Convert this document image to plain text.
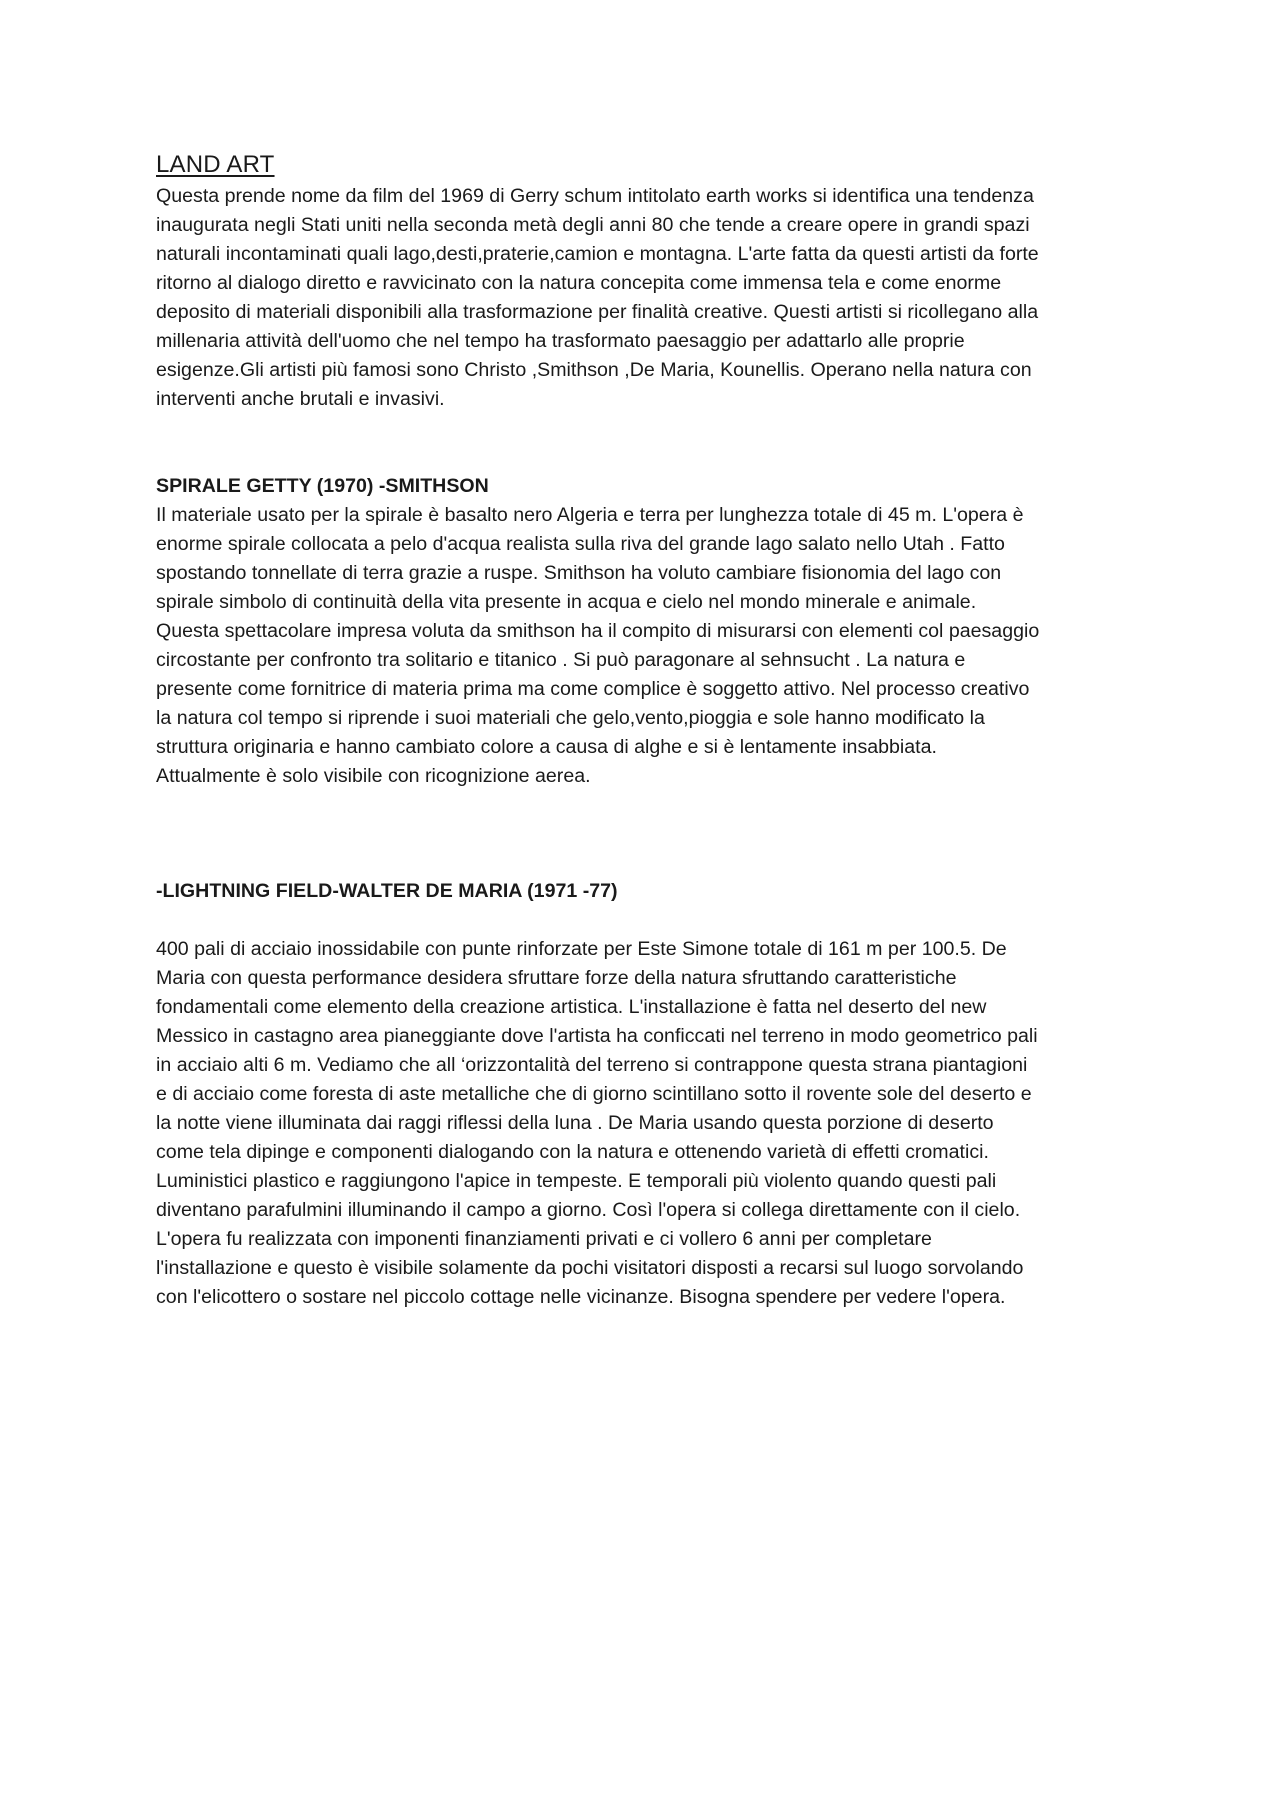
LAND ART

Questa prende nome da film del 1969 di Gerry schum intitolato earth works si identifica una tendenza
inaugurata negli Stati uniti nella seconda metà degli anni 80 che tende a creare opere in grandi spazi
naturali incontaminati quali lago,desti,praterie,camion e montagna. L'arte fatta da questi artisti da forte
ritorno al dialogo diretto e ravvicinato con la natura concepita come immensa tela e come enorme
deposito di materiali disponibili alla trasformazione per finalità creative. Questi artisti si ricollegano alla
millenaria attività dell'uomo che nel tempo ha trasformato paesaggio per adattarlo alle proprie
esigenze.Gli artisti più famosi sono Christo ,Smithson ,De Maria, Kounellis. Operano nella natura con
interventi anche brutali e invasivi.

SPIRALE GETTY (1970) -SMITHSON

Il materiale usato per la spirale è basalto nero Algeria e terra per lunghezza totale di 45 m. L'opera è
enorme spirale collocata a pelo d'acqua realista sulla riva del grande lago salato nello Utah . Fatto
spostando tonnellate di terra grazie a ruspe. Smithson ha voluto cambiare fisionomia del lago con
spirale simbolo di continuità della vita presente in acqua e cielo nel mondo minerale e animale.
Questa spettacolare impresa voluta da smithson ha il compito di misurarsi con elementi col paesaggio
circostante per confronto tra solitario e titanico . Si può paragonare al sehnsucht . La natura e
presente come fornitrice di materia prima ma come complice è soggetto attivo. Nel processo creativo
la natura col tempo si riprende i suoi materiali che gelo,vento,pioggia e sole hanno modificato la
struttura originaria e hanno cambiato colore a causa di alghe e si è lentamente insabbiata.
Attualmente è solo visibile con ricognizione aerea.

-LIGHTNING FIELD-WALTER DE MARIA (1971 -77)

400 pali di acciaio inossidabile con punte rinforzate per Este Simone totale di 161 m per 100.5. De
Maria con questa performance desidera sfruttare forze della natura sfruttando caratteristiche
fondamentali come elemento della creazione artistica. L'installazione è fatta nel deserto del new
Messico in castagno area pianeggiante dove l'artista ha conficcati nel terreno in modo geometrico pali
in acciaio alti 6 m. Vediamo che all ‘orizzontalità del terreno si contrappone questa strana piantagioni
e di acciaio come foresta di aste metalliche che di giorno scintillano sotto il rovente sole del deserto e
la notte viene illuminata dai raggi riflessi della luna . De Maria usando questa porzione di deserto
come tela dipinge e componenti dialogando con la natura e ottenendo varietà di effetti cromatici.
Luministici plastico e raggiungono l'apice in tempeste. E temporali più violento quando questi pali
diventano parafulmini illuminando il campo a giorno. Così l'opera si collega direttamente con il cielo.
L'opera fu realizzata con imponenti finanziamenti privati e ci vollero 6 anni per completare
l'installazione e questo è visibile solamente da pochi visitatori disposti a recarsi sul luogo sorvolando
con l'elicottero o sostare nel piccolo cottage nelle vicinanze. Bisogna spendere per vedere l'opera.
